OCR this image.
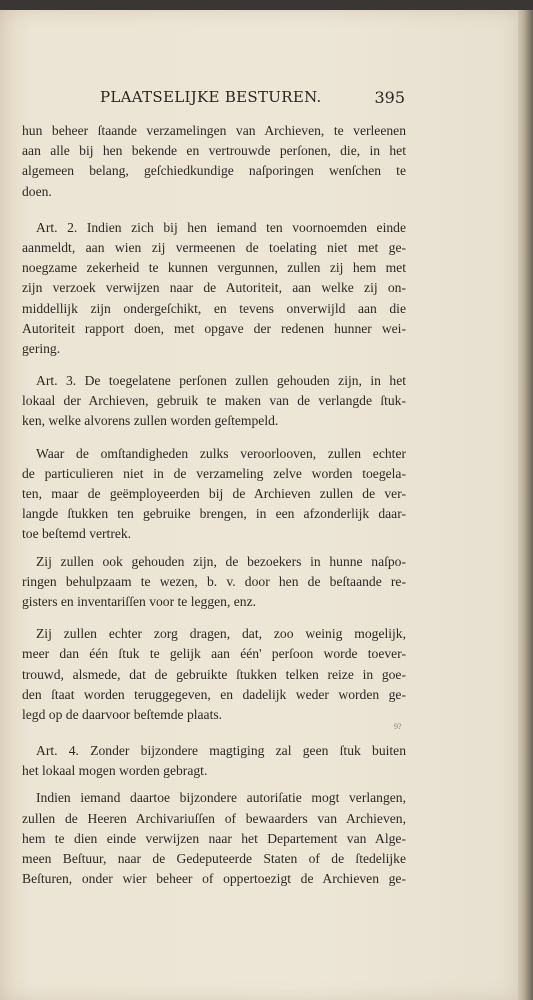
PLAATSELIJKE BESTUREN.	395
9?

hun beheer ſtaande verzamelingen van Archieven, te verleenen
aan alle bij hen bekende en vertrouwde perſonen, die, in het
algemeen belang, geſchiedkundige naſporingen wenſchen te
doen.

Art. 2. Indien zich bij hen iemand ten voornoemden einde
aanmeldt, aan wien zij vermeenen de toelating niet met ge-
noegzame zekerheid te kunnen vergunnen, zullen zij hem met
zijn verzoek verwijzen naar de Autoriteit, aan welke zij on-
middellijk zijn ondergeſchikt, en tevens onverwijld aan die
Autoriteit rapport doen, met opgave der redenen hunner wei-
gering.

Art. 3. De toegelatene perſonen zullen gehouden zijn, in het
lokaal der Archieven, gebruik te maken van de verlangde ſtuk-
ken, welke alvorens zullen worden geſtempeld.

Waar de omſtandigheden zulks veroorlooven, zullen echter
de particulieren niet in de verzameling zelve worden toegela-
ten, maar de geëmployeerden bij de Archieven zullen de ver-
langde ſtukken ten gebruike brengen, in een afzonderlijk daar-
toe beſtemd vertrek.

Zij zullen ook gehouden zijn, de bezoekers in hunne naſpo-
ringen behulpzaam te wezen, b. v. door hen de beſtaande re-
gisters en inventariſſen voor te leggen, enz.

Zij zullen echter zorg dragen, dat, zoo weinig mogelijk,
meer dan één ſtuk te gelijk aan één' perſoon worde toever-
trouwd, alsmede, dat de gebruikte ſtukken telken reize in goe-
den ſtaat worden teruggegeven, en dadelijk weder worden ge-
legd op de daarvoor beſtemde plaats.

Art. 4. Zonder bijzondere magtiging zal geen ſtuk buiten
het lokaal mogen worden gebragt.

Indien iemand daartoe bijzondere autoriſatie mogt verlangen,
zullen de Heeren Archivariuſſen of bewaarders van Archieven,
hem te dien einde verwijzen naar het Departement van Alge-
meen Beſtuur, naar de Gedeputeerde Staten of de ſtedelijke
Beſturen, onder wier beheer of oppertoezigt de Archieven ge-
